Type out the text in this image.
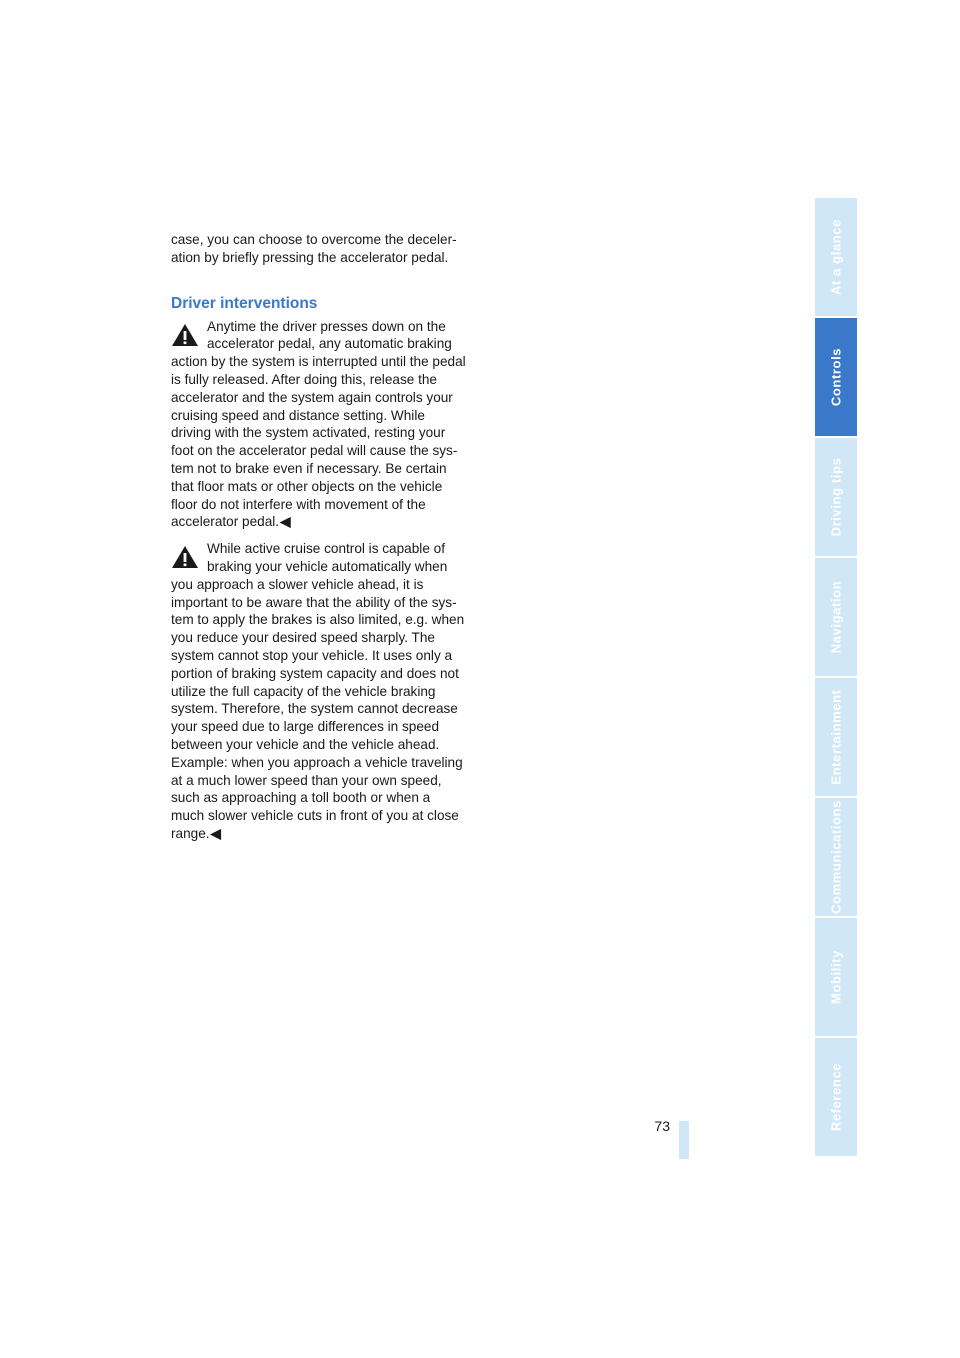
case, you can choose to overcome the deceler-ation by briefly pressing the accelerator pedal.

Driver interventions
Anytime the driver presses down on the accelerator pedal, any automatic braking action by the system is interrupted until the pedal is fully released. After doing this, release the accelerator and the system again controls your cruising speed and distance setting. While driving with the system activated, resting your foot on the accelerator pedal will cause the sys-tem not to brake even if necessary. Be certain that floor mats or other objects on the vehicle floor do not interfere with movement of the accelerator pedal.◀
While active cruise control is capable of braking your vehicle automatically when you approach a slower vehicle ahead, it is important to be aware that the ability of the sys-tem to apply the brakes is also limited, e.g. when you reduce your desired speed sharply. The system cannot stop your vehicle. It uses only a portion of braking system capacity and does not utilize the full capacity of the vehicle braking system. Therefore, the system cannot decrease your speed due to large differences in speed between your vehicle and the vehicle ahead. Example: when you approach a vehicle traveling at a much lower speed than your own speed, such as approaching a toll booth or when a much slower vehicle cuts in front of you at close range.◀
At a glance
Controls
Driving tips
Navigation
Entertainment
Communications
Mobility
Reference
73
